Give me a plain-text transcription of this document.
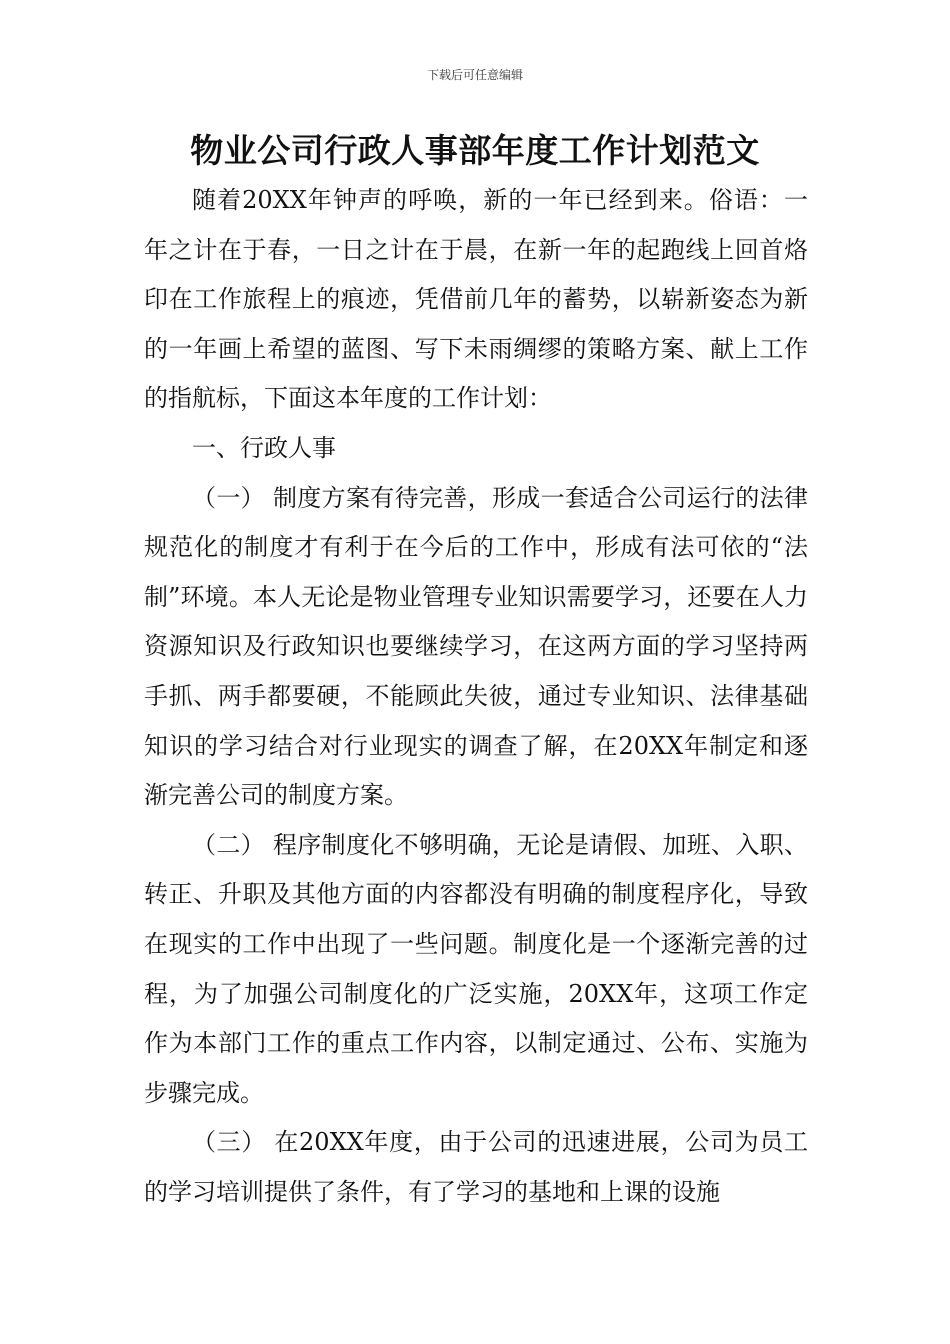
下载后可任意编辑
物业公司行政人事部年度工作计划范文

随着20XX年钟声的呼唤，新的一年已经到来。俗语：一年之计在于春，一日之计在于晨，在新一年的起跑线上回首烙印在工作旅程上的痕迹，凭借前几年的蓄势，以崭新姿态为新的一年画上希望的蓝图、写下未雨绸缪的策略方案、献上工作的指航标，下面这本年度的工作计划：

一、行政人事

（一） 制度方案有待完善，形成一套适合公司运行的法律规范化的制度才有利于在今后的工作中，形成有法可依的“法制”环境。本人无论是物业管理专业知识需要学习，还要在人力资源知识及行政知识也要继续学习，在这两方面的学习坚持两手抓、两手都要硬，不能顾此失彼，通过专业知识、法律基础知识的学习结合对行业现实的调查了解，在20XX年制定和逐渐完善公司的制度方案。

（二） 程序制度化不够明确，无论是请假、加班、入职、转正、升职及其他方面的内容都没有明确的制度程序化，导致在现实的工作中出现了一些问题。制度化是一个逐渐完善的过程，为了加强公司制度化的广泛实施，20XX年，这项工作定作为本部门工作的重点工作内容，以制定通过、公布、实施为步骤完成。

（三） 在20XX年度，由于公司的迅速进展，公司为员工的学习培训提供了条件，有了学习的基地和上课的设施
